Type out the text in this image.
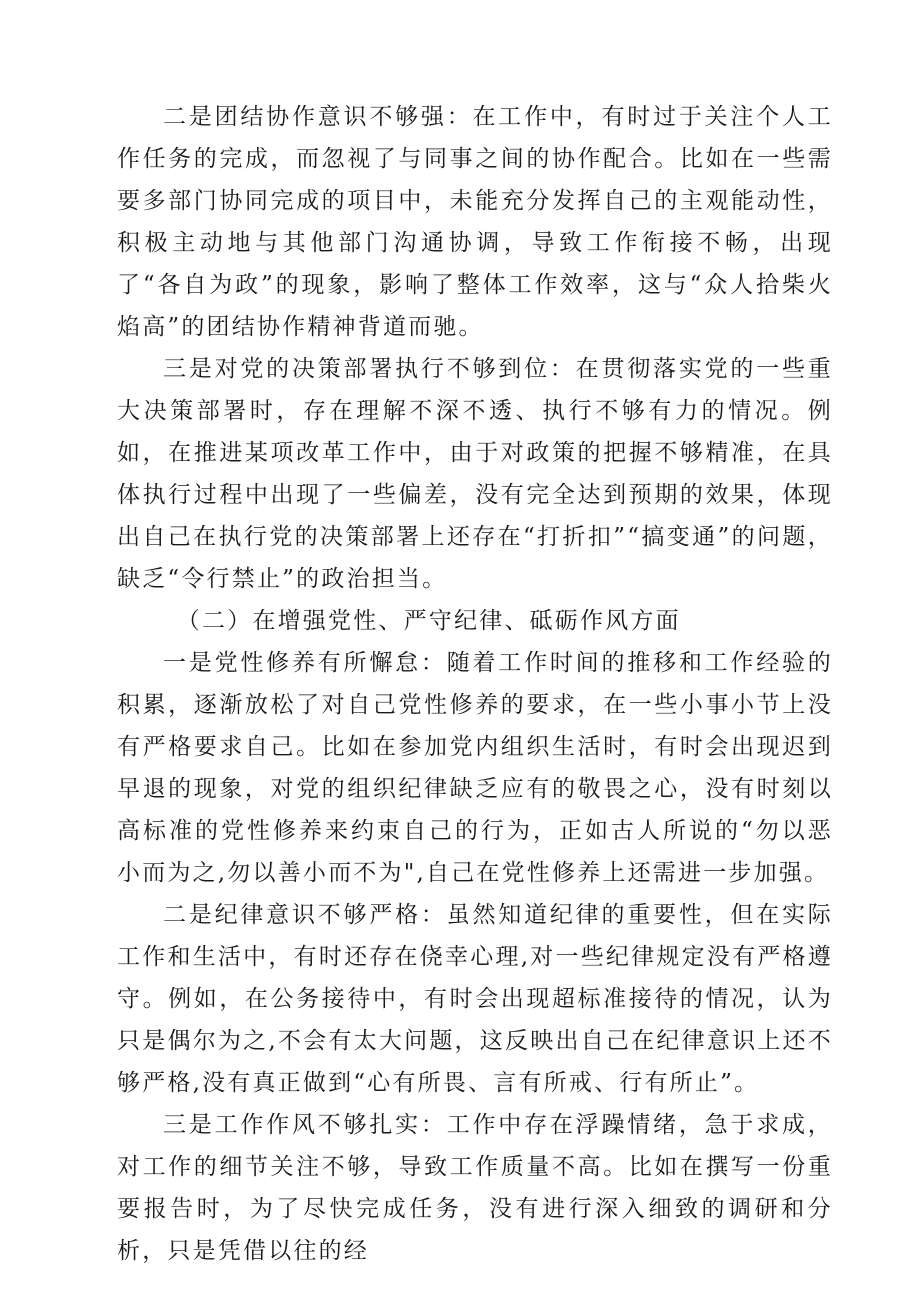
二是团结协作意识不够强：在工作中，有时过于关注个人工作任务的完成，而忽视了与同事之间的协作配合。比如在一些需要多部门协同完成的项目中，未能充分发挥自己的主观能动性，积极主动地与其他部门沟通协调，导致工作衔接不畅，出现了“各自为政”的现象，影响了整体工作效率，这与“众人拾柴火焰高”的团结协作精神背道而驰。

三是对党的决策部署执行不够到位：在贯彻落实党的一些重大决策部署时，存在理解不深不透、执行不够有力的情况。例如，在推进某项改革工作中，由于对政策的把握不够精准，在具体执行过程中出现了一些偏差，没有完全达到预期的效果，体现出自己在执行党的决策部署上还存在“打折扣”“搞变通”的问题，缺乏“令行禁止”的政治担当。

（二）在增强党性、严守纪律、砥砺作风方面

一是党性修养有所懈怠：随着工作时间的推移和工作经验的积累，逐渐放松了对自己党性修养的要求，在一些小事小节上没有严格要求自己。比如在参加党内组织生活时，有时会出现迟到早退的现象，对党的组织纪律缺乏应有的敬畏之心，没有时刻以高标准的党性修养来约束自己的行为，正如古人所说的“勿以恶小而为之,勿以善小而不为",自己在党性修养上还需进一步加强。

二是纪律意识不够严格：虽然知道纪律的重要性，但在实际工作和生活中，有时还存在侥幸心理,对一些纪律规定没有严格遵守。例如，在公务接待中，有时会出现超标准接待的情况，认为只是偶尔为之,不会有太大问题，这反映出自己在纪律意识上还不够严格,没有真正做到“心有所畏、言有所戒、行有所止”。

三是工作作风不够扎实：工作中存在浮躁情绪，急于求成，对工作的细节关注不够，导致工作质量不高。比如在撰写一份重要报告时，为了尽快完成任务，没有进行深入细致的调研和分析，只是凭借以往的经
